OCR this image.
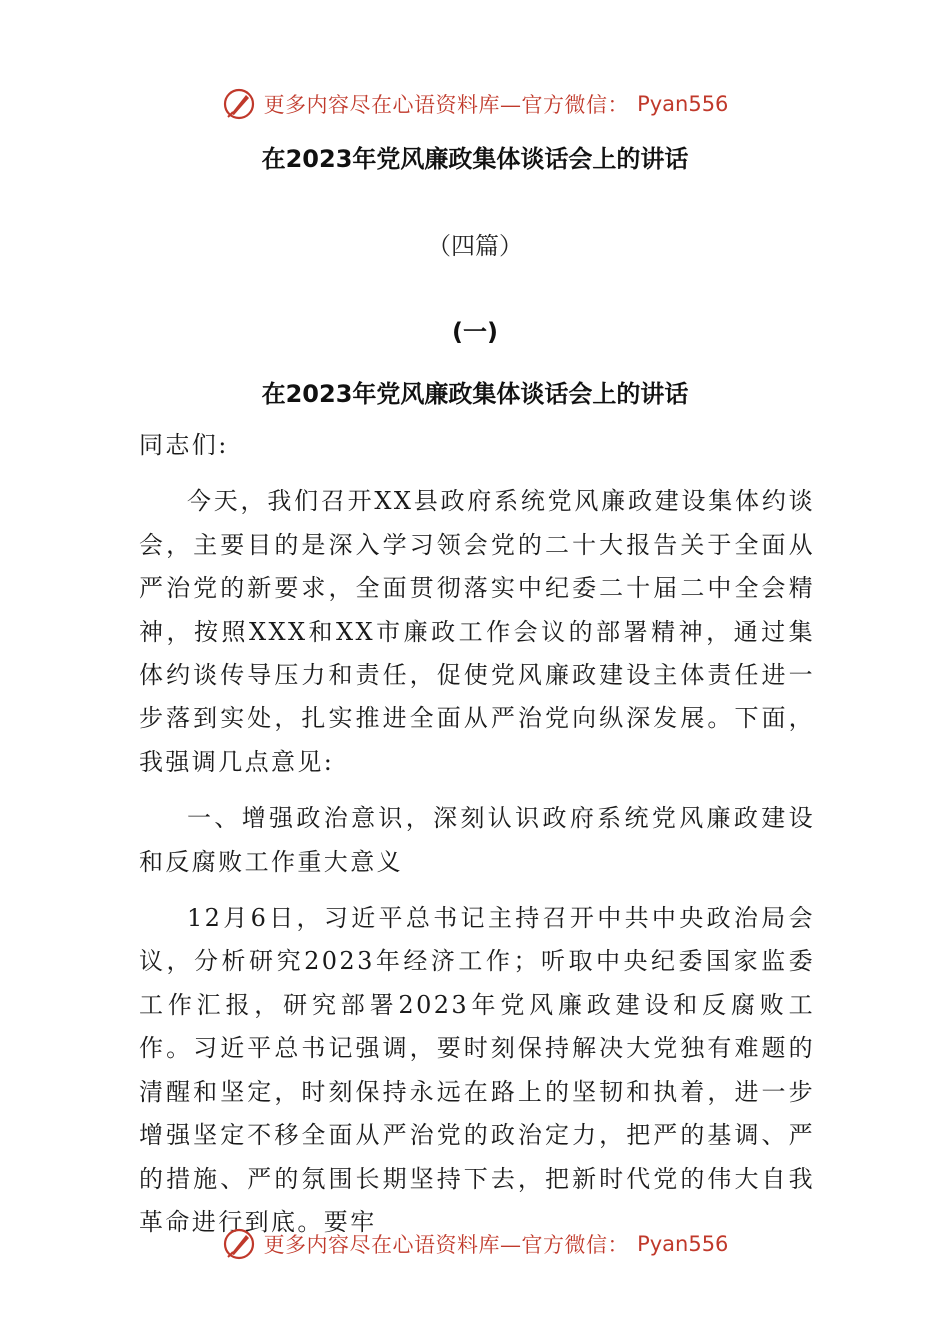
更多内容尽在心语资料库—官方微信： Pyan556
在2023年党风廉政集体谈话会上的讲话
（四篇）
(一)
在2023年党风廉政集体谈话会上的讲话

同志们:

今天，我们召开XX县政府系统党风廉政建设集体约谈会，主要目的是深入学习领会党的二十大报告关于全面从严治党的新要求，全面贯彻落实中纪委二十届二中全会精神，按照XXX和XX市廉政工作会议的部署精神，通过集体约谈传导压力和责任，促使党风廉政建设主体责任进一步落到实处，扎实推进全面从严治党向纵深发展。下面，我强调几点意见:

一、增强政治意识，深刻认识政府系统党风廉政建设和反腐败工作重大意义

12月6日，习近平总书记主持召开中共中央政治局会议，分析研究2023年经济工作；听取中央纪委国家监委工作汇报，研究部署2023年党风廉政建设和反腐败工作。习近平总书记强调，要时刻保持解决大党独有难题的清醒和坚定，时刻保持永远在路上的坚韧和执着，进一步增强坚定不移全面从严治党的政治定力，把严的基调、严的措施、严的氛围长期坚持下去，把新时代党的伟大自我革命进行到底。要牢

更多内容尽在心语资料库—官方微信： Pyan556
